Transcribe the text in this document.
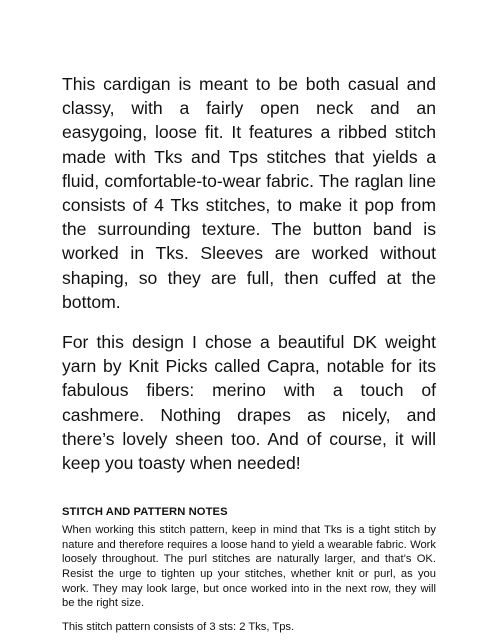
This cardigan is meant to be both casual and classy, with a fairly open neck and an easygoing, loose fit. It features a ribbed stitch made with Tks and Tps stitches that yields a fluid, comfortable-to-wear fabric. The raglan line consists of 4 Tks stitches, to make it pop from the surrounding texture. The button band is worked in Tks. Sleeves are worked without shaping, so they are full, then cuffed at the bottom.

For this design I chose a beautiful DK weight yarn by Knit Picks called Capra, notable for its fabulous fibers: merino with a touch of cashmere. Nothing drapes as nicely, and there’s lovely sheen too. And of course, it will keep you toasty when needed!

STITCH AND PATTERN NOTES

When working this stitch pattern, keep in mind that Tks is a tight stitch by nature and therefore requires a loose hand to yield a wearable fabric. Work loosely throughout. The purl stitches are naturally larger, and that’s OK. Resist the urge to tighten up your stitches, whether knit or purl, as you work. They may look large, but once worked into in the next row, they will be the right size.

This stitch pattern consists of 3 sts: 2 Tks, Tps.
